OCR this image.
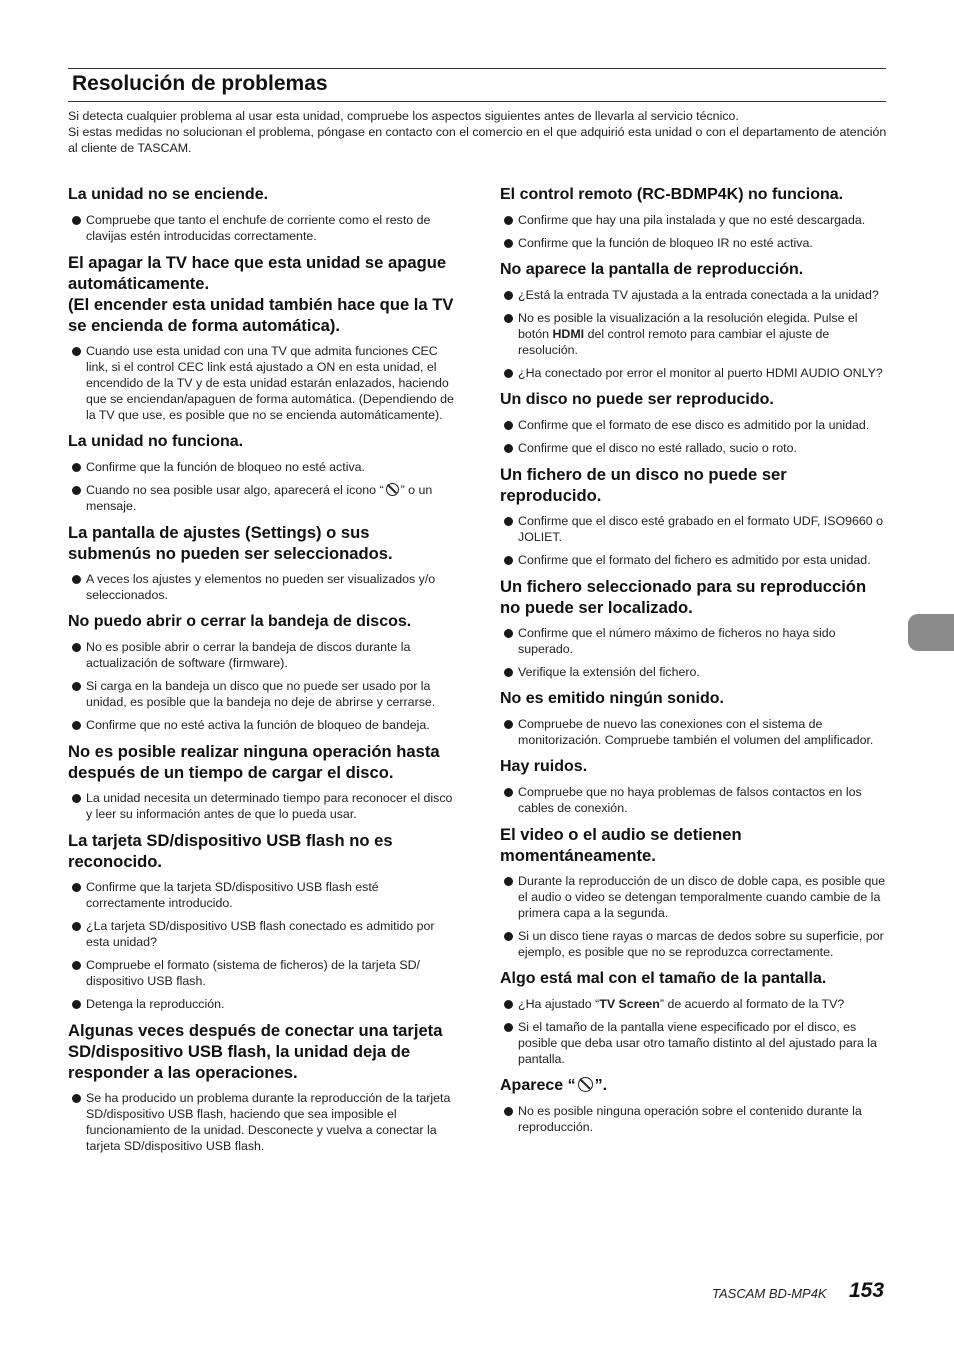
Resolución de problemas

Si detecta cualquier problema al usar esta unidad, compruebe los aspectos siguientes antes de llevarla al servicio técnico.

Si estas medidas no solucionan el problema, póngase en contacto con el comercio en el que adquirió esta unidad o con el departamento de atención al cliente de TASCAM.

La unidad no se enciende.
Compruebe que tanto el enchufe de corriente como el resto de clavijas estén introducidas correctamente.
El apagar la TV hace que esta unidad se apague automáticamente.
(El encender esta unidad también hace que la TV se encienda de forma automática).
Cuando use esta unidad con una TV que admita funciones CEC link, si el control CEC link está ajustado a ON en esta unidad, el encendido de la TV y de esta unidad estarán enlazados, haciendo que se enciendan/apaguen de forma automática. (Dependiendo de la TV que use, es posible que no se encienda automáticamente).
La unidad no funciona.
Confirme que la función de bloqueo no esté activa.
Cuando no sea posible usar algo, aparecerá el icono “ ” o un mensaje.
La pantalla de ajustes (Settings) o sus submenús no pueden ser seleccionados.
A veces los ajustes y elementos no pueden ser visualizados y/o seleccionados.
No puedo abrir o cerrar la bandeja de discos.
No es posible abrir o cerrar la bandeja de discos durante la actualización de software (firmware).
Si carga en la bandeja un disco que no puede ser usado por la unidad, es posible que la bandeja no deje de abrirse y cerrarse.
Confirme que no esté activa la función de bloqueo de bandeja.
No es posible realizar ninguna operación hasta después de un tiempo de cargar el disco.
La unidad necesita un determinado tiempo para reconocer el disco y leer su información antes de que lo pueda usar.
La tarjeta SD/dispositivo USB flash no es reconocido.
Confirme que la tarjeta SD/dispositivo USB flash esté correctamente introducido.
¿La tarjeta SD/dispositivo USB flash conectado es admitido por esta unidad?
Compruebe el formato (sistema de ficheros) de la tarjeta SD/ dispositivo USB flash.
Detenga la reproducción.
Algunas veces después de conectar una tarjeta SD/dispositivo USB flash, la unidad deja de responder a las operaciones.
Se ha producido un problema durante la reproducción de la tarjeta SD/dispositivo USB flash, haciendo que sea imposible el funcionamiento de la unidad. Desconecte y vuelva a conectar la tarjeta SD/dispositivo USB flash.
El control remoto (RC-BDMP4K) no funciona.
Confirme que hay una pila instalada y que no esté descargada.
Confirme que la función de bloqueo IR no esté activa.
No aparece la pantalla de reproducción.
¿Está la entrada TV ajustada a la entrada conectada a la unidad?
No es posible la visualización a la resolución elegida. Pulse el botón HDMI del control remoto para cambiar el ajuste de resolución.
¿Ha conectado por error el monitor al puerto HDMI AUDIO ONLY?
Un disco no puede ser reproducido.
Confirme que el formato de ese disco es admitido por la unidad.
Confirme que el disco no esté rallado, sucio o roto.
Un fichero de un disco no puede ser reproducido.
Confirme que el disco esté grabado en el formato UDF, ISO9660 o JOLIET.
Confirme que el formato del fichero es admitido por esta unidad.
Un fichero seleccionado para su reproducción no puede ser localizado.
Confirme que el número máximo de ficheros no haya sido superado.
Verifique la extensión del fichero.
No es emitido ningún sonido.
Compruebe de nuevo las conexiones con el sistema de monitorización. Compruebe también el volumen del amplificador.
Hay ruidos.
Compruebe que no haya problemas de falsos contactos en los cables de conexión.
El video o el audio se detienen momentáneamente.
Durante la reproducción de un disco de doble capa, es posible que el audio o video se detengan temporalmente cuando cambie de la primera capa a la segunda.
Si un disco tiene rayas o marcas de dedos sobre su superficie, por ejemplo, es posible que no se reproduzca correctamente.
Algo está mal con el tamaño de la pantalla.
¿Ha ajustado “TV Screen” de acuerdo al formato de la TV?
Si el tamaño de la pantalla viene especificado por el disco, es posible que deba usar otro tamaño distinto al del ajustado para la pantalla.
Aparece “ ”.
No es posible ninguna operación sobre el contenido durante la reproducción.
TASCAM BD-MP4K 153
